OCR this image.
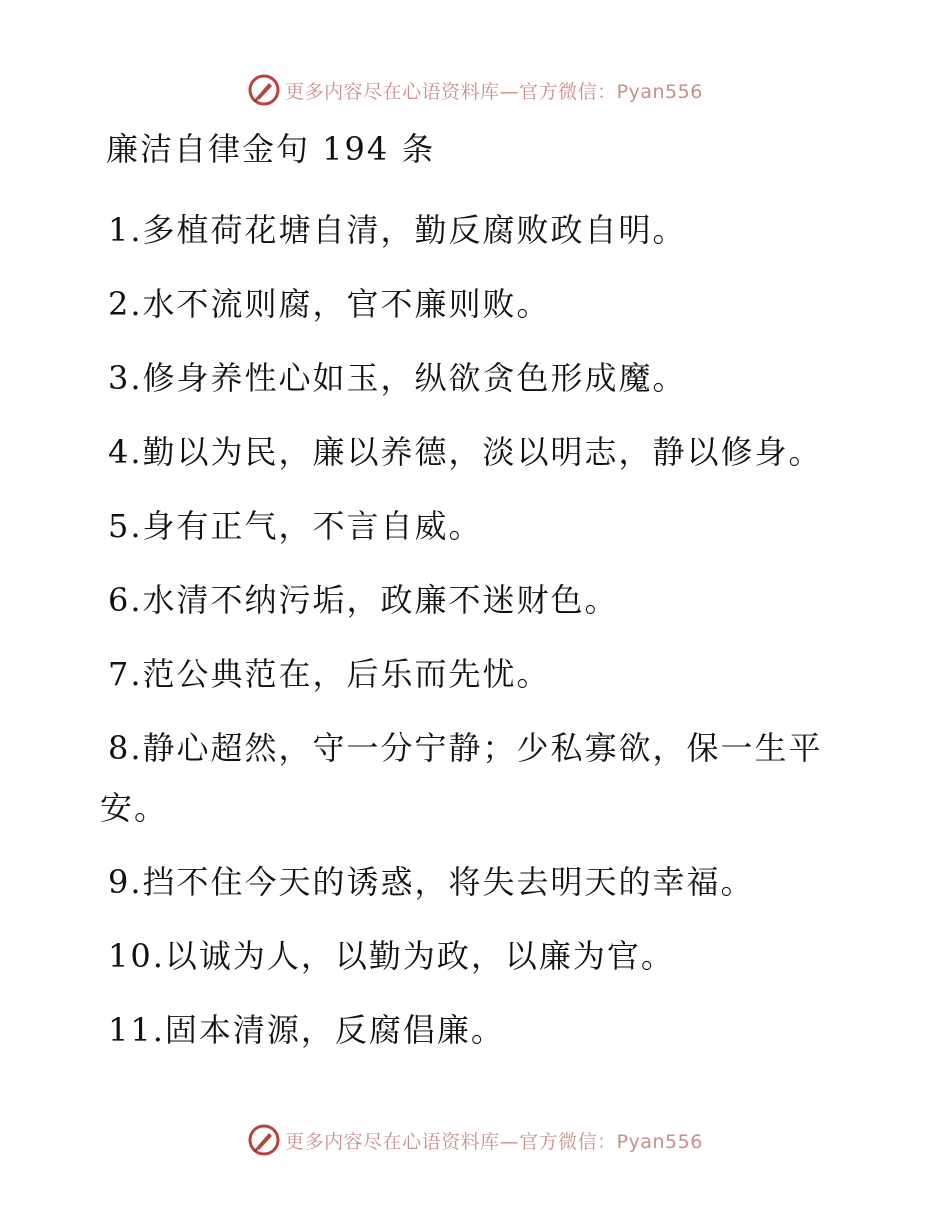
更多内容尽在心语资料库—官方微信：Pyan556
廉洁自律金句 194 条
1.多植荷花塘自清，勤反腐败政自明。
2.水不流则腐，官不廉则败。
3.修身养性心如玉，纵欲贪色形成魔。
4.勤以为民，廉以养德，淡以明志，静以修身。
5.身有正气，不言自威。
6.水清不纳污垢，政廉不迷财色。
7.范公典范在，后乐而先忧。
8.静心超然，守一分宁静；少私寡欲，保一生平
安。
9.挡不住今天的诱惑，将失去明天的幸福。
10.以诚为人，以勤为政，以廉为官。
11.固本清源，反腐倡廉。
更多内容尽在心语资料库—官方微信：Pyan556
